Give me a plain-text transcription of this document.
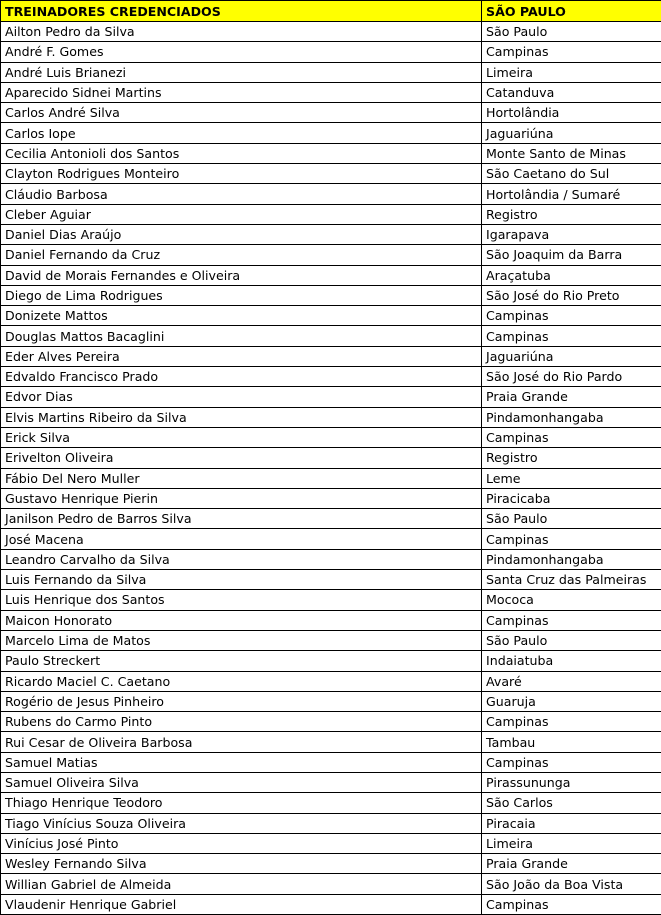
TREINADORES CREDENCIADOS	SÃO PAULO
Ailton Pedro da Silva	São Paulo
André F. Gomes	Campinas
André Luis Brianezi	Limeira
Aparecido Sidnei Martins	Catanduva
Carlos André Silva	Hortolândia
Carlos Iope	Jaguariúna
Cecilia Antonioli dos Santos	Monte Santo de Minas
Clayton Rodrigues Monteiro	São Caetano do Sul
Cláudio Barbosa	Hortolândia / Sumaré
Cleber Aguiar	Registro
Daniel Dias Araújo	Igarapava
Daniel Fernando da Cruz	São Joaquim da Barra
David de Morais Fernandes e Oliveira	Araçatuba
Diego de Lima Rodrigues	São José do Rio Preto
Donizete Mattos	Campinas
Douglas Mattos Bacaglini	Campinas
Eder Alves Pereira	Jaguariúna
Edvaldo Francisco Prado	São José do Rio Pardo
Edvor Dias	Praia Grande
Elvis Martins Ribeiro da Silva	Pindamonhangaba
Erick Silva	Campinas
Erivelton Oliveira	Registro
Fábio Del Nero Muller	Leme
Gustavo Henrique Pierin	Piracicaba
Janilson Pedro de Barros Silva	São Paulo
José Macena	Campinas
Leandro Carvalho da Silva	Pindamonhangaba
Luis Fernando da Silva	Santa Cruz das Palmeiras
Luis Henrique dos Santos	Mococa
Maicon Honorato	Campinas
Marcelo Lima de Matos	São Paulo
Paulo Streckert	Indaiatuba
Ricardo Maciel C. Caetano	Avaré
Rogério de Jesus Pinheiro	Guaruja
Rubens do Carmo Pinto	Campinas
Rui Cesar de Oliveira Barbosa	Tambau
Samuel Matias	Campinas
Samuel Oliveira Silva	Pirassununga
Thiago Henrique Teodoro	São Carlos
Tiago Vinícius Souza Oliveira	Piracaia
Vinícius José Pinto	Limeira
Wesley Fernando Silva	Praia Grande
Willian Gabriel de Almeida	São João da Boa Vista
Vlaudenir Henrique Gabriel	Campinas
